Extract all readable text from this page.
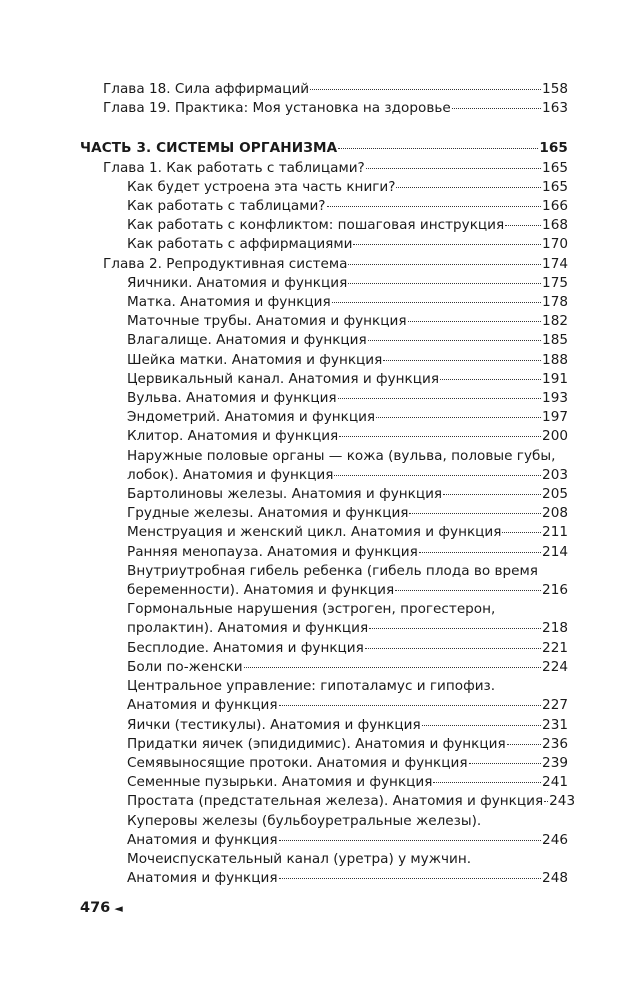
Глава 18. Сила аффирмаций	158
Глава 19. Практика: Моя установка на здоровье	163
ЧАСТЬ 3. СИСТЕМЫ ОРГАНИЗМА	165
Глава 1. Как работать с таблицами?	165
Как будет устроена эта часть книги?	165
Как работать с таблицами?	166
Как работать с конфликтом: пошаговая инструкция	168
Как работать с аффирмациями	170
Глава 2. Репродуктивная система	174
Яичники. Анатомия и функция	175
Матка. Анатомия и функция	178
Маточные трубы. Анатомия и функция	182
Влагалище. Анатомия и функция	185
Шейка матки. Анатомия и функция	188
Цервикальный канал. Анатомия и функция	191
Вульва. Анатомия и функция	193
Эндометрий. Анатомия и функция	197
Клитор. Анатомия и функция	200
Наружные половые органы — кожа (вульва, половые губы,
лобок). Анатомия и функция	203
Бартолиновы железы. Анатомия и функция	205
Грудные железы. Анатомия и функция	208
Менструация и женский цикл. Анатомия и функция	211
Ранняя менопауза. Анатомия и функция	214
Внутриутробная гибель ребенка (гибель плода во время
беременности). Анатомия и функция	216
Гормональные нарушения (эстроген, прогестерон,
пролактин). Анатомия и функция	218
Бесплодие. Анатомия и функция	221
Боли по-женски	224
Центральное управление: гипоталамус и гипофиз.
Анатомия и функция	227
Яички (тестикулы). Анатомия и функция	231
Придатки яичек (эпидидимис). Анатомия и функция	236
Семявыносящие протоки. Анатомия и функция	239
Семенные пузырьки. Анатомия и функция	241
Простата (предстательная железа). Анатомия и функция 243
Куперовы железы (бульбоуретральные железы).
Анатомия и функция	246
Мочеиспускательный канал (уретра) у мужчин.
Анатомия и функция	248
476 ◄
